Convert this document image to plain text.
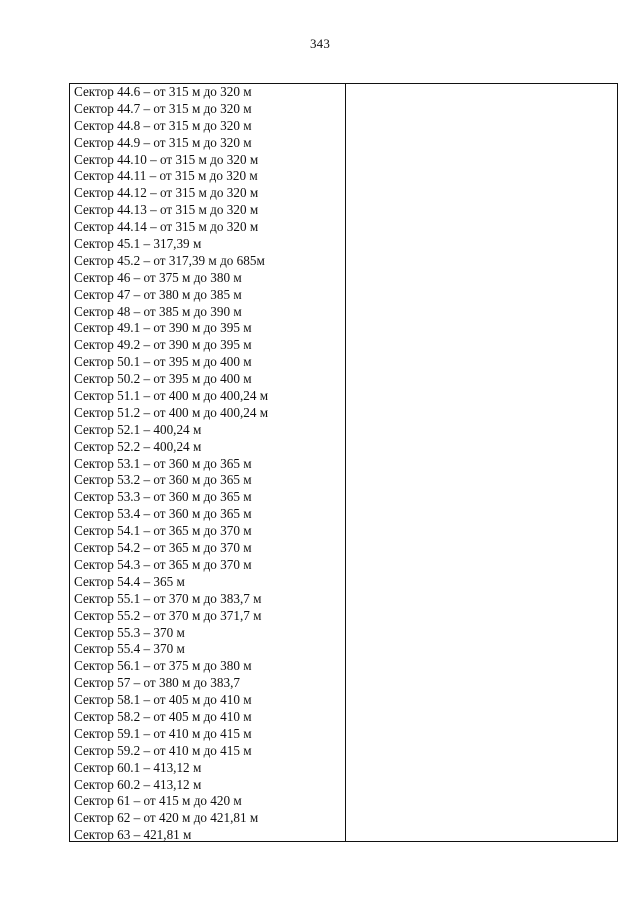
343
Сектор 44.6 – от 315 м до 320 м
Сектор 44.7 – от 315 м до 320 м
Сектор 44.8 – от 315 м до 320 м
Сектор 44.9 – от 315 м до 320 м
Сектор 44.10 – от 315 м до 320 м
Сектор 44.11 – от 315 м до 320 м
Сектор 44.12 – от 315 м до 320 м
Сектор 44.13 – от 315 м до 320 м
Сектор 44.14 – от 315 м до 320 м
Сектор 45.1 – 317,39 м
Сектор 45.2 – от 317,39 м до 685м
Сектор 46 – от 375 м до 380 м
Сектор 47 – от 380 м до 385 м
Сектор 48 – от 385 м до 390 м
Сектор 49.1 – от 390 м до 395 м
Сектор 49.2 – от 390 м до 395 м
Сектор 50.1 – от 395 м до 400 м
Сектор 50.2 – от 395 м до 400 м
Сектор 51.1 – от 400 м до 400,24 м
Сектор 51.2 – от 400 м до 400,24 м
Сектор 52.1 – 400,24 м
Сектор 52.2 – 400,24 м
Сектор 53.1 – от 360 м до 365 м
Сектор 53.2 – от 360 м до 365 м
Сектор 53.3 – от 360 м до 365 м
Сектор 53.4 – от 360 м до 365 м
Сектор 54.1 – от 365 м до 370 м
Сектор 54.2 – от 365 м до 370 м
Сектор 54.3 – от 365 м до 370 м
Сектор 54.4 – 365 м
Сектор 55.1 – от 370 м до 383,7 м
Сектор 55.2 – от 370 м до 371,7 м
Сектор 55.3 – 370 м
Сектор 55.4 – 370 м
Сектор 56.1 – от 375 м до 380 м
Сектор 57 – от 380 м до 383,7
Сектор 58.1 – от 405 м до 410 м
Сектор 58.2 – от 405 м до 410 м
Сектор 59.1 – от 410 м до 415 м
Сектор 59.2 – от 410 м до 415 м
Сектор 60.1 – 413,12 м
Сектор 60.2 – 413,12 м
Сектор 61 – от 415 м до 420 м
Сектор 62 – от 420 м до 421,81 м
Сектор 63 – 421,81 м
